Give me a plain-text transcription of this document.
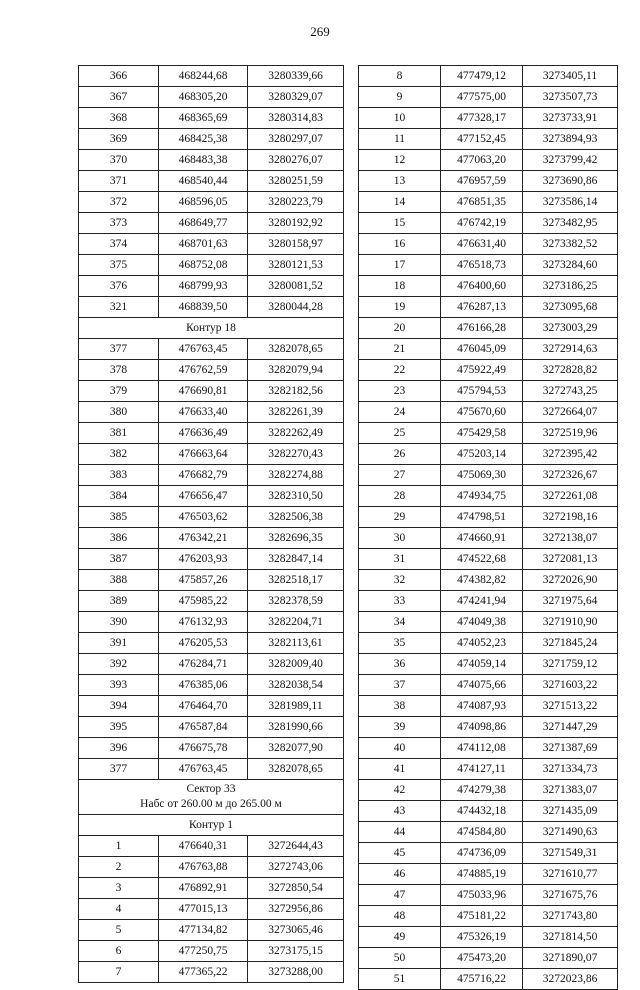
269
366	468244,68	3280339,66
367	468305,20	3280329,07
368	468365,69	3280314,83
369	468425,38	3280297,07
370	468483,38	3280276,07
371	468540,44	3280251,59
372	468596,05	3280223,79
373	468649,77	3280192,92
374	468701,63	3280158,97
375	468752,08	3280121,53
376	468799,93	3280081,52
321	468839,50	3280044,28

Контур 18		

377	476763,45	3282078,65
378	476762,59	3282079,94
379	476690,81	3282182,56
380	476633,40	3282261,39
381	476636,49	3282262,49
382	476663,64	3282270,43
383	476682,79	3282274,88
384	476656,47	3282310,50
385	476503,62	3282506,38
386	476342,21	3282696,35
387	476203,93	3282847,14
388	475857,26	3282518,17
389	475985,22	3282378,59
390	476132,93	3282204,71
391	476205,53	3282113,61
392	476284,71	3282009,40
393	476385,06	3282038,54
394	476464,70	3281989,11
395	476587,84	3281990,66
396	476675,78	3282077,90
377	476763,45	3282078,65

Сектор 33
Набс от 260.00 м до 265.00 м		

Контур 1		

1	476640,31	3272644,43
2	476763,88	3272743,06
3	476892,91	3272850,54
4	477015,13	3272956,86
5	477134,82	3273065,46
6	477250,75	3273175,15
7	477365,22	3273288,00
8	477479,12	3273405,11
9	477575,00	3273507,73
10	477328,17	3273733,91
11	477152,45	3273894,93
12	477063,20	3273799,42
13	476957,59	3273690,86
14	476851,35	3273586,14
15	476742,19	3273482,95
16	476631,40	3273382,52
17	476518,73	3273284,60
18	476400,60	3273186,25
19	476287,13	3273095,68
20	476166,28	3273003,29
21	476045,09	3272914,63
22	475922,49	3272828,82
23	475794,53	3272743,25
24	475670,60	3272664,07
25	475429,58	3272519,96
26	475203,14	3272395,42
27	475069,30	3272326,67
28	474934,75	3272261,08
29	474798,51	3272198,16
30	474660,91	3272138,07
31	474522,68	3272081,13
32	474382,82	3272026,90
33	474241,94	3271975,64
34	474049,38	3271910,90
35	474052,23	3271845,24
36	474059,14	3271759,12
37	474075,66	3271603,22
38	474087,93	3271513,22
39	474098,86	3271447,29
40	474112,08	3271387,69
41	474127,11	3271334,73
42	474279,38	3271383,07
43	474432,18	3271435,09
44	474584,80	3271490,63
45	474736,09	3271549,31
46	474885,19	3271610,77
47	475033,96	3271675,76
48	475181,22	3271743,80
49	475326,19	3271814,50
50	475473,20	3271890,07
51	475716,22	3272023,86
